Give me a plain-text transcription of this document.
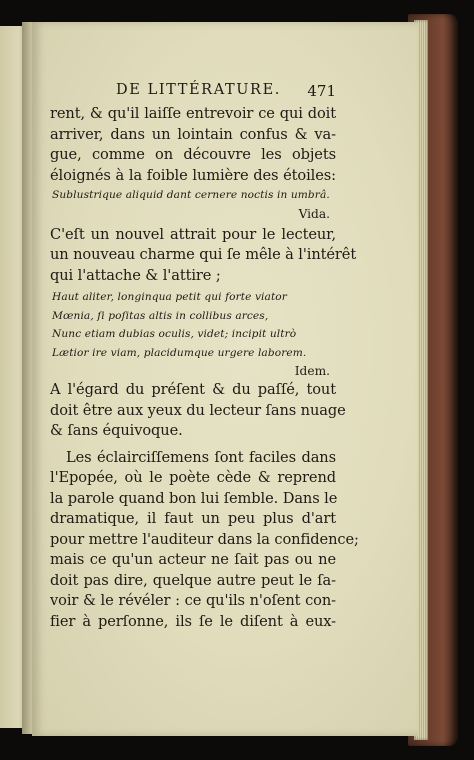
DE LITTÉRATURE. 471
rent, & qu'il laiſſe entrevoir ce qui doit
arriver, dans un lointain confus & va-
gue, comme on découvre les objets
éloignés à la foible lumière des étoiles:
Sublustrique aliquid dant cernere noctis in umbrâ.
Vida.
C'eſt un nouvel attrait pour le lecteur,
un nouveau charme qui ſe mêle à l'intérêt
qui l'attache & l'attire ;
Haut aliter, longinqua petit qui forte viator
Mœnia, ſi poſitas altis in collibus arces,
Nunc etiam dubias oculis, videt; incipit ultrò
Lætior ire viam, placidumque urgere laborem.
Idem.
A l'égard du préſent & du paſſé, tout
doit être aux yeux du lecteur ſans nuage
& ſans équivoque.
Les éclairciſſemens ſont faciles dans
l'Epopée, où le poète cède & reprend
la parole quand bon lui ſemble. Dans le
dramatique, il faut un peu plus d'art
pour mettre l'auditeur dans la confidence;
mais ce qu'un acteur ne ſait pas ou ne
doit pas dire, quelque autre peut le ſa-
voir & le révéler : ce qu'ils n'oſent con-
fier à perſonne, ils ſe le diſent à eux-
